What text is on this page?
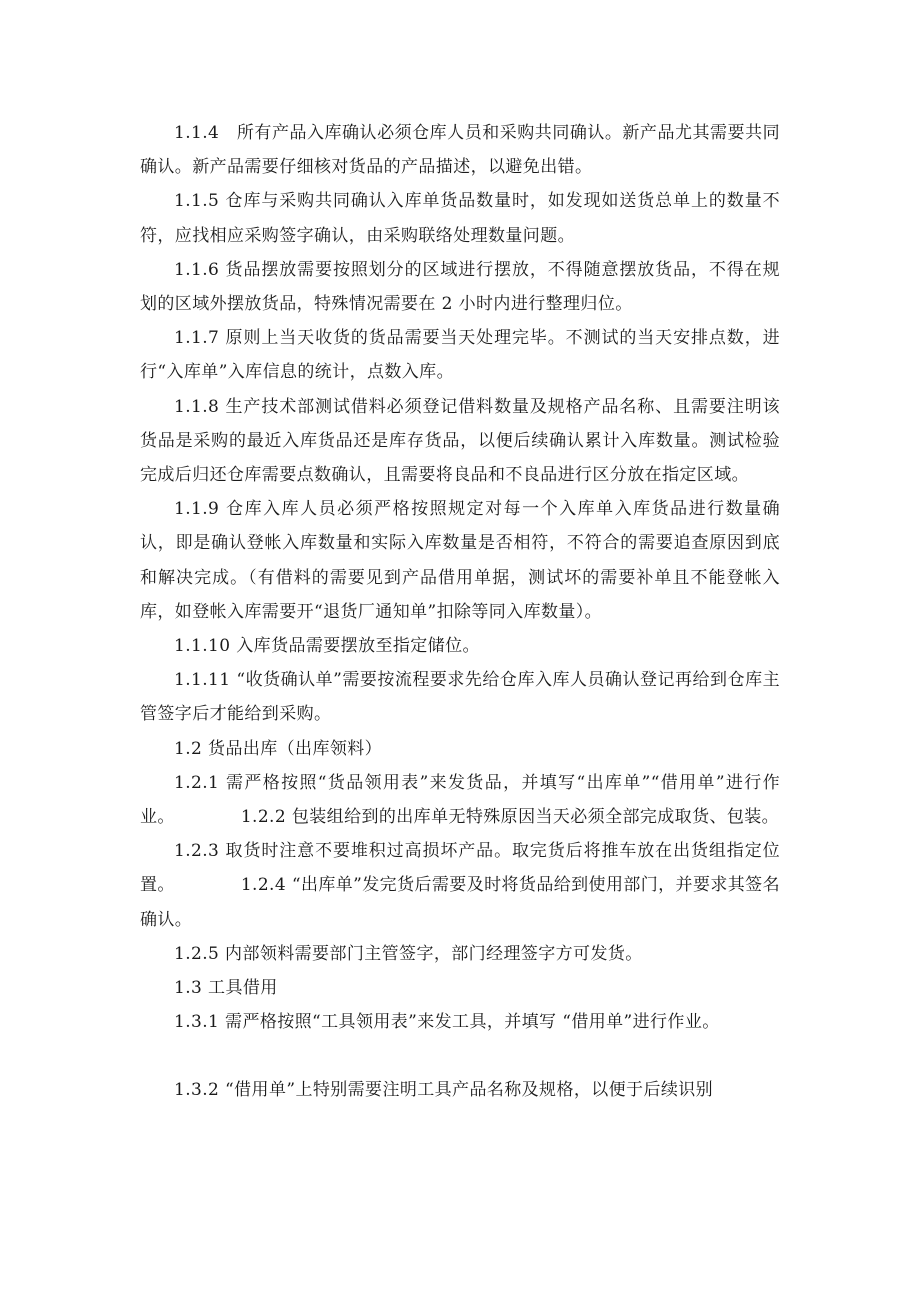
1.1.4　所有产品入库确认必须仓库人员和采购共同确认。新产品尤其需要共同确认。新产品需要仔细核对货品的产品描述，以避免出错。

1.1.5 仓库与采购共同确认入库单货品数量时，如发现如送货总单上的数量不符，应找相应采购签字确认，由采购联络处理数量问题。

1.1.6 货品摆放需要按照划分的区域进行摆放，不得随意摆放货品，不得在规划的区域外摆放货品，特殊情况需要在 2 小时内进行整理归位。

1.1.7 原则上当天收货的货品需要当天处理完毕。不测试的当天安排点数，进行“入库单”入库信息的统计，点数入库。

1.1.8 生产技术部测试借料必须登记借料数量及规格产品名称、且需要注明该货品是采购的最近入库货品还是库存货品，以便后续确认累计入库数量。测试检验完成后归还仓库需要点数确认，且需要将良品和不良品进行区分放在指定区域。

1.1.9 仓库入库人员必须严格按照规定对每一个入库单入库货品进行数量确认，即是确认登帐入库数量和实际入库数量是否相符，不符合的需要追查原因到底和解决完成。（有借料的需要见到产品借用单据，测试坏的需要补单且不能登帐入库，如登帐入库需要开“退货厂通知单”扣除等同入库数量）。

1.1.10 入库货品需要摆放至指定储位。

1.1.11 “收货确认单”需要按流程要求先给仓库入库人员确认登记再给到仓库主管签字后才能给到采购。

1.2 货品出库（出库领料）

1.2.1 需严格按照“货品领用表”来发货品，并填写“出库单”“借用单”进行作业。	1.2.2 包装组给到的出库单无特殊原因当天必须全部完成取货、包装。

1.2.3 取货时注意不要堆积过高损坏产品。取完货后将推车放在出货组指定位置。	1.2.4 “出库单”发完货后需要及时将货品给到使用部门，并要求其签名确认。

1.2.5 内部领料需要部门主管签字，部门经理签字方可发货。

1.3 工具借用

1.3.1 需严格按照“工具领用表”来发工具，并填写 “借用单”进行作业。

1.3.2 “借用单”上特别需要注明工具产品名称及规格，以便于后续识别
